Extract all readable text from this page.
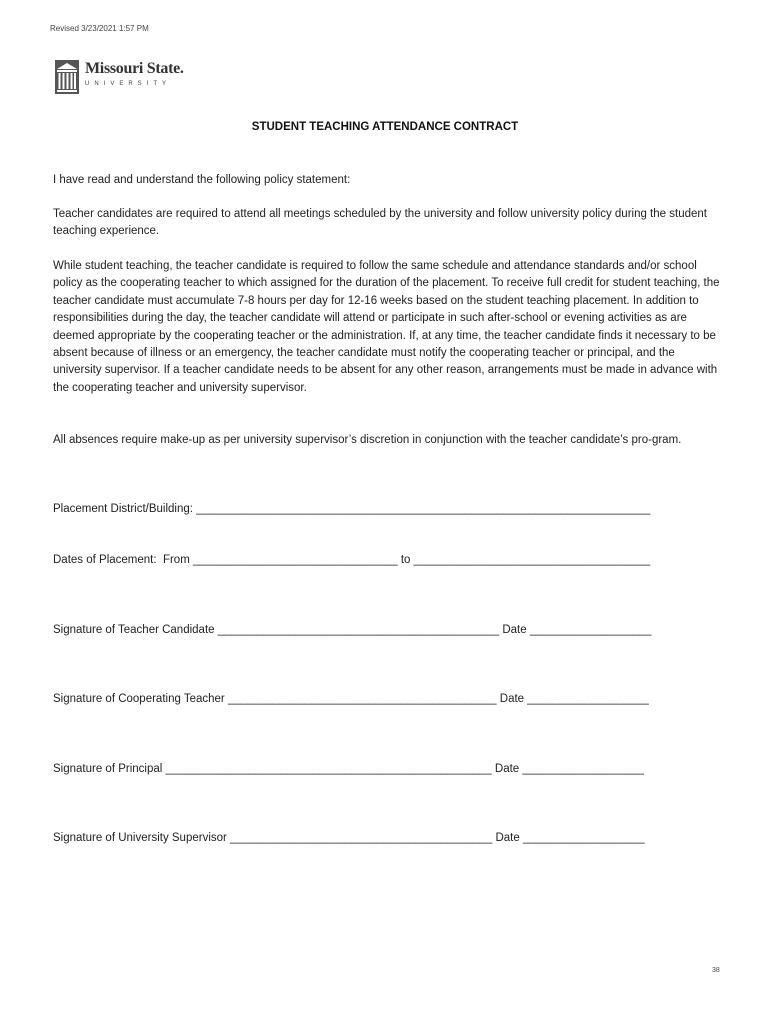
Revised 3/23/2021 1:57 PM
Missouri State.
UNIVERSITY
STUDENT TEACHING ATTENDANCE CONTRACT

I have read and understand the following policy statement:

Teacher candidates are required to attend all meetings scheduled by the university and follow university policy during the student teaching experience.

While student teaching, the teacher candidate is required to follow the same schedule and attendance standards and/or school policy as the cooperating teacher to which assigned for the duration of the placement. To receive full credit for student teaching, the teacher candidate must accumulate 7-8 hours per day for 12-16 weeks based on the student teaching placement. In addition to responsibilities during the day, the teacher candidate will attend or participate in such after-school or evening activities as are deemed appropriate by the cooperating teacher or the administration. If, at any time, the teacher candidate finds it necessary to be absent because of illness or an emergency, the teacher candidate must notify the cooperating teacher or principal, and the university supervisor. If a teacher candidate needs to be absent for any other reason, arrangements must be made in advance with the cooperating teacher and university supervisor.

All absences require make-up as per university supervisor’s discretion in conjunction with the teacher candidate’s pro-gram.

Placement District/Building: _______________________________________________________________________
Dates of Placement:  From ________________________________ to _____________________________________
Signature of Teacher Candidate ____________________________________________ Date ___________________
Signature of Cooperating Teacher __________________________________________ Date ___________________
Signature of Principal ___________________________________________________ Date ___________________
Signature of University Supervisor _________________________________________ Date ___________________
38
